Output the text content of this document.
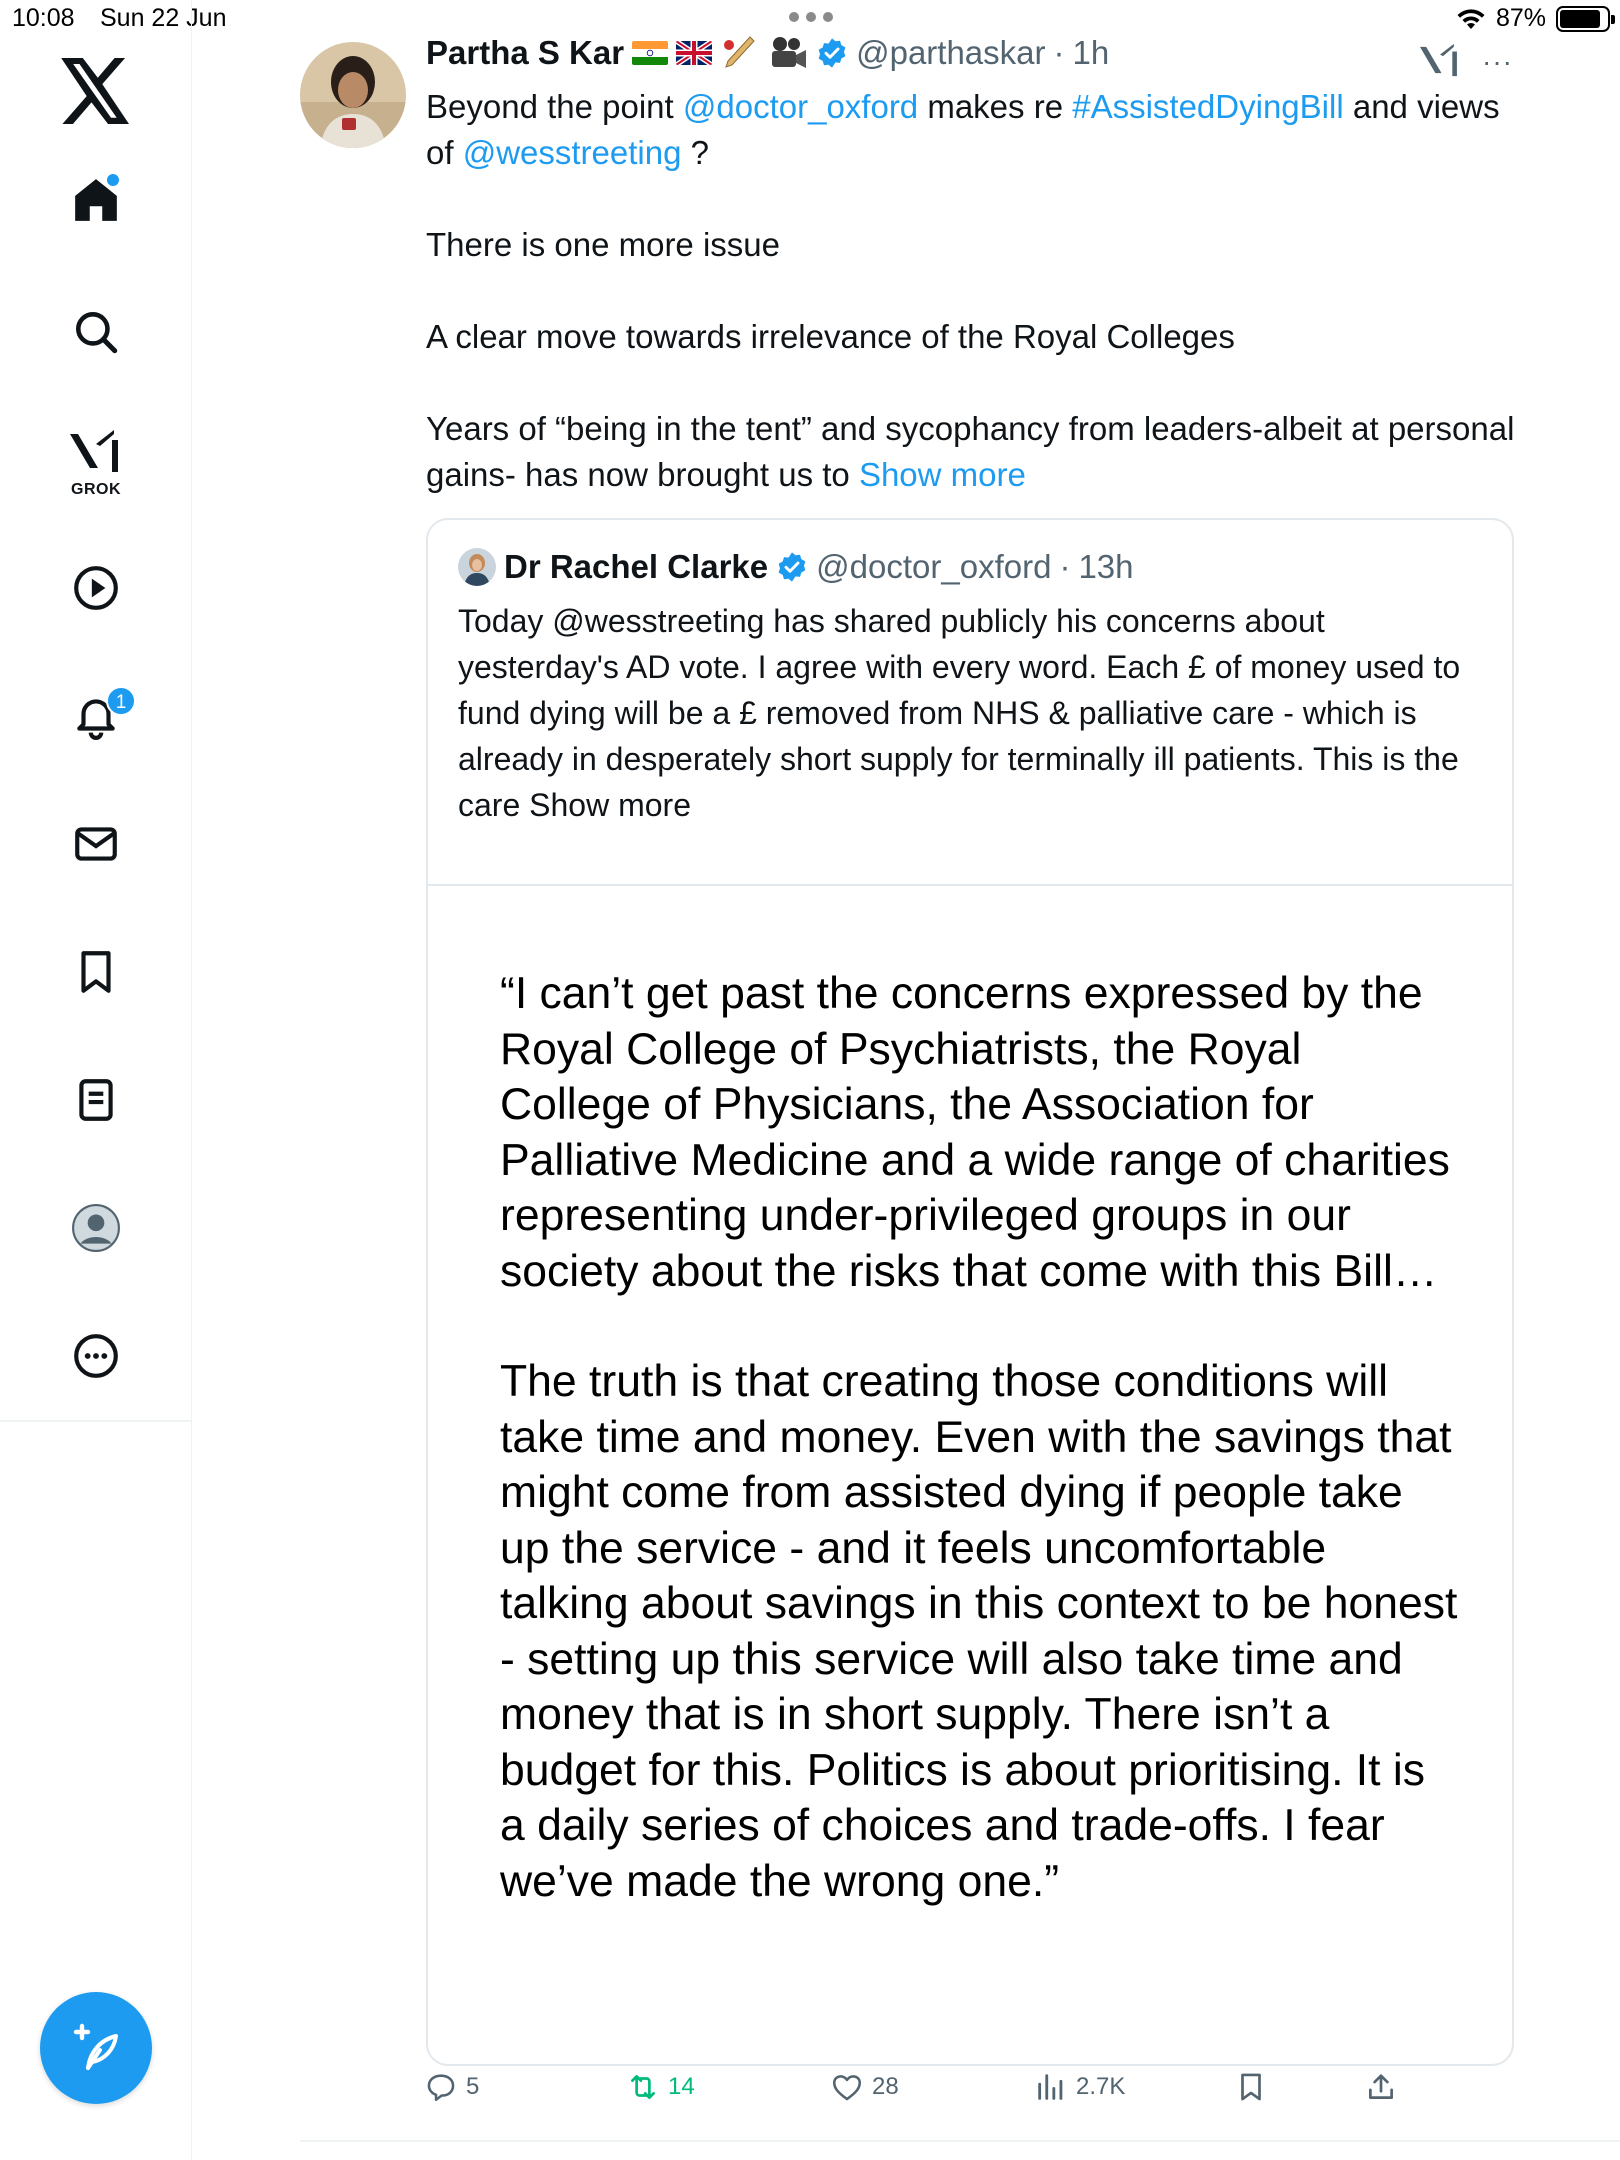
10:08 Sun 22 Jun	87%
GROK
1
Partha S Kar	@parthaskar · 1h	···

Beyond the point @doctor_oxford makes re #AssistedDyingBill and views of @wesstreeting ?

There is one more issue

A clear move towards irrelevance of the Royal Colleges

Years of “being in the tent” and sycophancy from leaders-albeit at personal gains- has now brought us to Show more

Dr Rachel Clarke @doctor_oxford · 13h
Today @wesstreeting has shared publicly his concerns about yesterday's AD vote. I agree with every word. Each £ of money used to fund dying will be a £ removed from NHS & palliative care - which is already in desperately short supply for terminally ill patients. This is the care Show more

“I can’t get past the concerns expressed by the Royal College of Psychiatrists, the Royal College of Physicians, the Association for Palliative Medicine and a wide range of charities representing under-privileged groups in our society about the risks that come with this Bill…

The truth is that creating those conditions will take time and money. Even with the savings that might come from assisted dying if people take up the service - and it feels uncomfortable talking about savings in this context to be honest - setting up this service will also take time and money that is in short supply. There isn’t a budget for this. Politics is about prioritising. It is a daily series of choices and trade-offs. I fear we’ve made the wrong one.”

5	14	28	2.7K
